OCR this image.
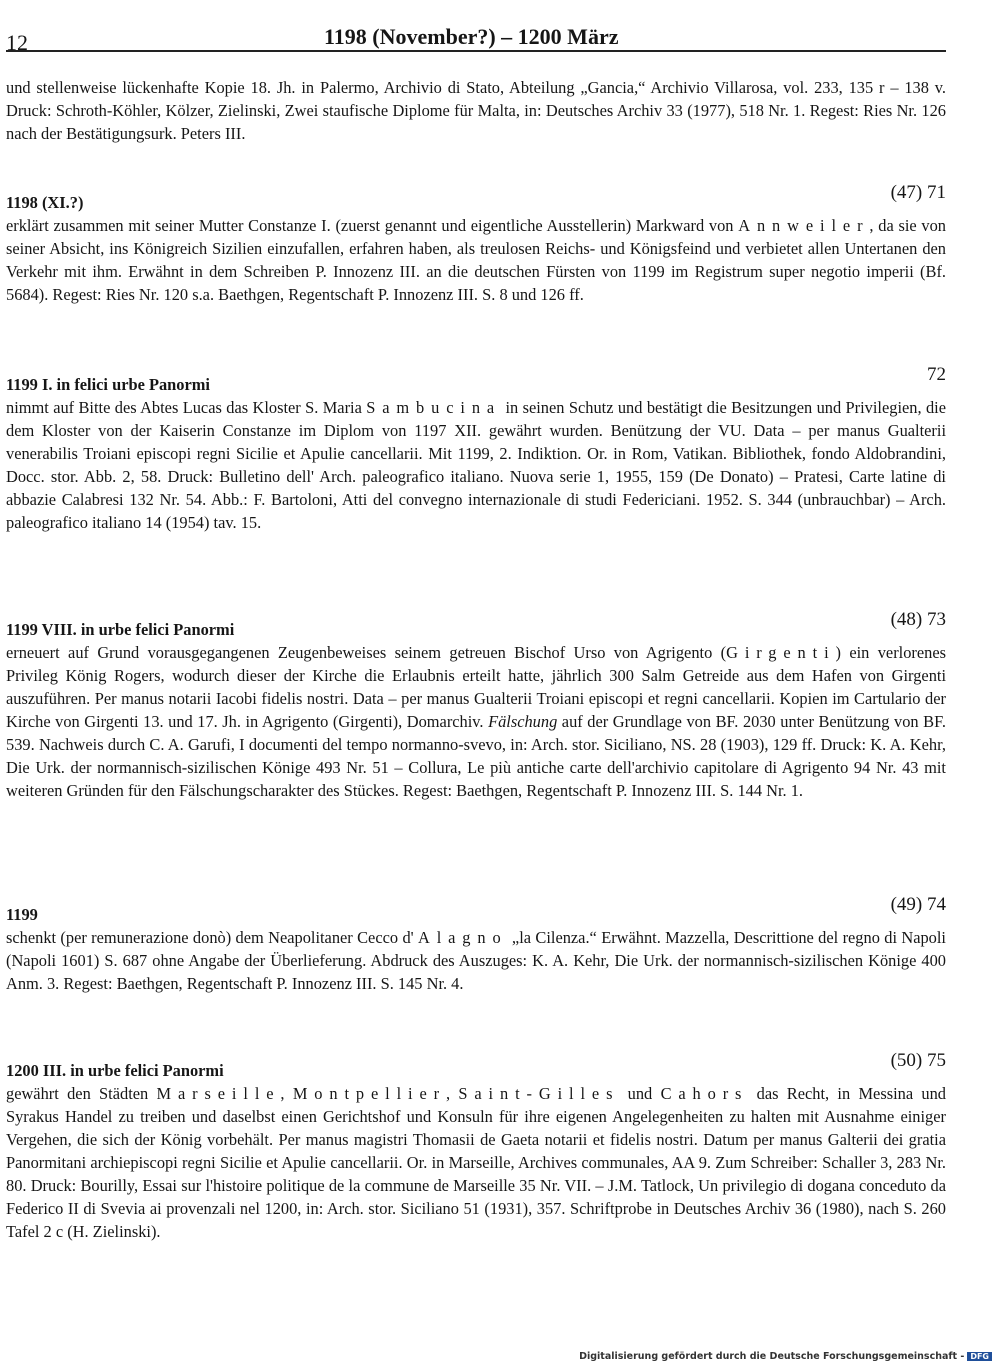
12	1198 (November?) – 1200 März
und stellenweise lückenhafte Kopie 18. Jh. in Palermo, Archivio di Stato, Abteilung „Gancia,“ Archivio Villarosa, vol. 233, 135 r – 138 v. Druck: Schroth-Köhler, Kölzer, Zielinski, Zwei staufische Diplome für Malta, in: Deutsches Archiv 33 (1977), 518 Nr. 1. Regest: Ries Nr. 126 nach der Bestätigungsurk. Peters III.
1198 (XI.?)	(47) 71
erklärt zusammen mit seiner Mutter Constanze I. (zuerst genannt und eigentliche Ausstellerin) Markward von Annweiler, da sie von seiner Absicht, ins Königreich Sizilien einzufallen, erfahren haben, als treulosen Reichs- und Königsfeind und verbietet allen Untertanen den Verkehr mit ihm. Erwähnt in dem Schreiben P. Innozenz III. an die deutschen Fürsten von 1199 im Registrum super negotio imperii (Bf. 5684). Regest: Ries Nr. 120 s.a. Baethgen, Regentschaft P. Innozenz III. S. 8 und 126 ff.
1199 I. in felici urbe Panormi	72
nimmt auf Bitte des Abtes Lucas das Kloster S. Maria Sambucina in seinen Schutz und bestätigt die Besitzungen und Privilegien, die dem Kloster von der Kaiserin Constanze im Diplom von 1197 XII. gewährt wurden. Benützung der VU. Data – per manus Gualterii venerabilis Troiani episcopi regni Sicilie et Apulie cancellarii. Mit 1199, 2. Indiktion. Or. in Rom, Vatikan. Bibliothek, fondo Aldobrandini, Docc. stor. Abb. 2, 58. Druck: Bulletino dell' Arch. paleografico italiano. Nuova serie 1, 1955, 159 (De Donato) – Pratesi, Carte latine di abbazie Calabresi 132 Nr. 54. Abb.: F. Bartoloni, Atti del convegno internazionale di studi Federiciani. 1952. S. 344 (unbrauchbar) – Arch. paleografico italiano 14 (1954) tav. 15.
1199 VIII. in urbe felici Panormi	(48) 73
erneuert auf Grund vorausgegangenen Zeugenbeweises seinem getreuen Bischof Urso von Agrigento (Girgenti) ein verlorenes Privileg König Rogers, wodurch dieser der Kirche die Erlaubnis erteilt hatte, jährlich 300 Salm Getreide aus dem Hafen von Girgenti auszuführen. Per manus notarii Iacobi fidelis nostri. Data – per manus Gualterii Troiani episcopi et regni cancellarii. Kopien im Cartulario der Kirche von Girgenti 13. und 17. Jh. in Agrigento (Girgenti), Domarchiv. Fälschung auf der Grundlage von BF. 2030 unter Benützung von BF. 539. Nachweis durch C. A. Garufi, I documenti del tempo normanno-svevo, in: Arch. stor. Siciliano, NS. 28 (1903), 129 ff. Druck: K. A. Kehr, Die Urk. der normannisch-sizilischen Könige 493 Nr. 51 – Collura, Le più antiche carte dell'archivio capitolare di Agrigento 94 Nr. 43 mit weiteren Gründen für den Fälschungscharakter des Stückes. Regest: Baethgen, Regentschaft P. Innozenz III. S. 144 Nr. 1.
1199	(49) 74
schenkt (per remunerazione donò) dem Neapolitaner Cecco d' Alagno „la Cilenza.“ Erwähnt. Mazzella, Descrittione del regno di Napoli (Napoli 1601) S. 687 ohne Angabe der Überlieferung. Abdruck des Auszuges: K. A. Kehr, Die Urk. der normannisch-sizilischen Könige 400 Anm. 3. Regest: Baethgen, Regentschaft P. Innozenz III. S. 145 Nr. 4.
1200 III. in urbe felici Panormi	(50) 75
gewährt den Städten Marseille, Montpellier, Saint-Gilles und Cahors das Recht, in Messina und Syrakus Handel zu treiben und daselbst einen Gerichtshof und Konsuln für ihre eigenen Angelegenheiten zu halten mit Ausnahme einiger Vergehen, die sich der König vorbehält. Per manus magistri Thomasii de Gaeta notarii et fidelis nostri. Datum per manus Galterii dei gratia Panormitani archiepiscopi regni Sicilie et Apulie cancellarii. Or. in Marseille, Archives communales, AA 9. Zum Schreiber: Schaller 3, 283 Nr. 80. Druck: Bourilly, Essai sur l'histoire politique de la commune de Marseille 35 Nr. VII. – J.M. Tatlock, Un privilegio di dogana conceduto da Federico II di Svevia ai provenzali nel 1200, in: Arch. stor. Siciliano 51 (1931), 357. Schriftprobe in Deutsches Archiv 36 (1980), nach S. 260 Tafel 2 c (H. Zielinski).
Digitalisierung gefördert durch die Deutsche Forschungsgemeinschaft - DFG
